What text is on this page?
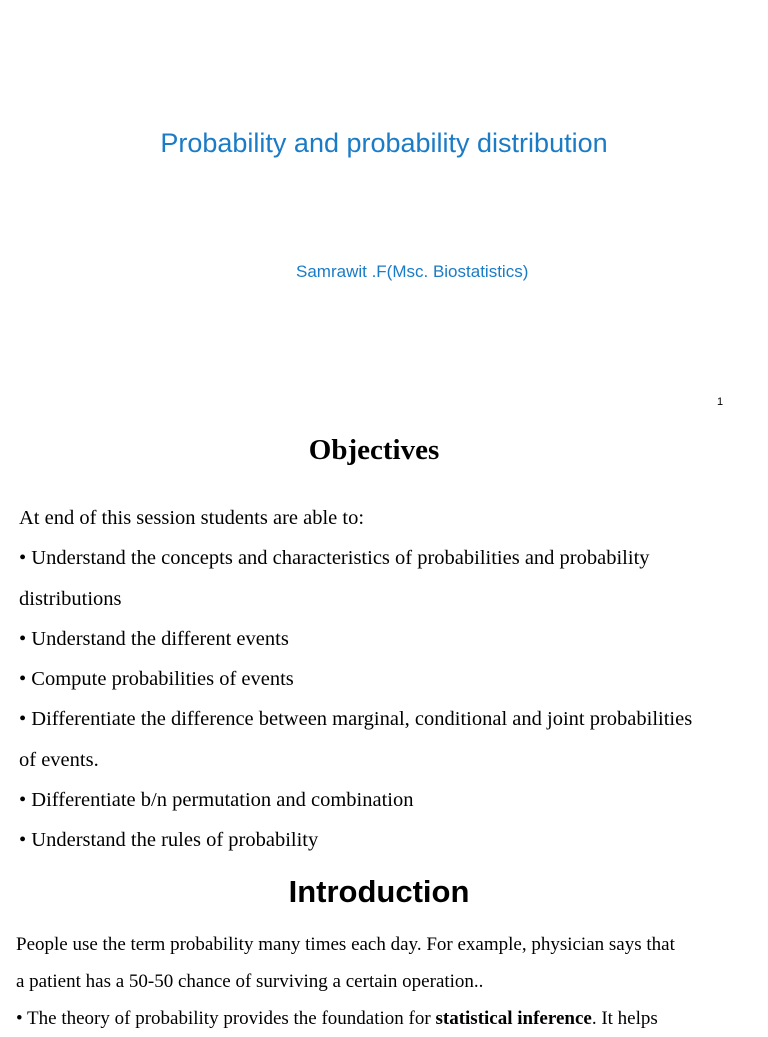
Probability and probability distribution
Samrawit .F(Msc. Biostatistics)
1
Objectives
At end of this session students are able to:
• Understand the concepts and characteristics of probabilities and probability
distributions
• Understand the different events
• Compute probabilities of events
• Differentiate the difference between marginal, conditional and joint probabilities
of events.
• Differentiate b/n permutation and combination
• Understand the rules of probability
Introduction
People use the term probability many times each day. For example, physician says that
a patient has a 50-50 chance of surviving a certain operation..
• The theory of probability provides the foundation for statistical inference. It helps
